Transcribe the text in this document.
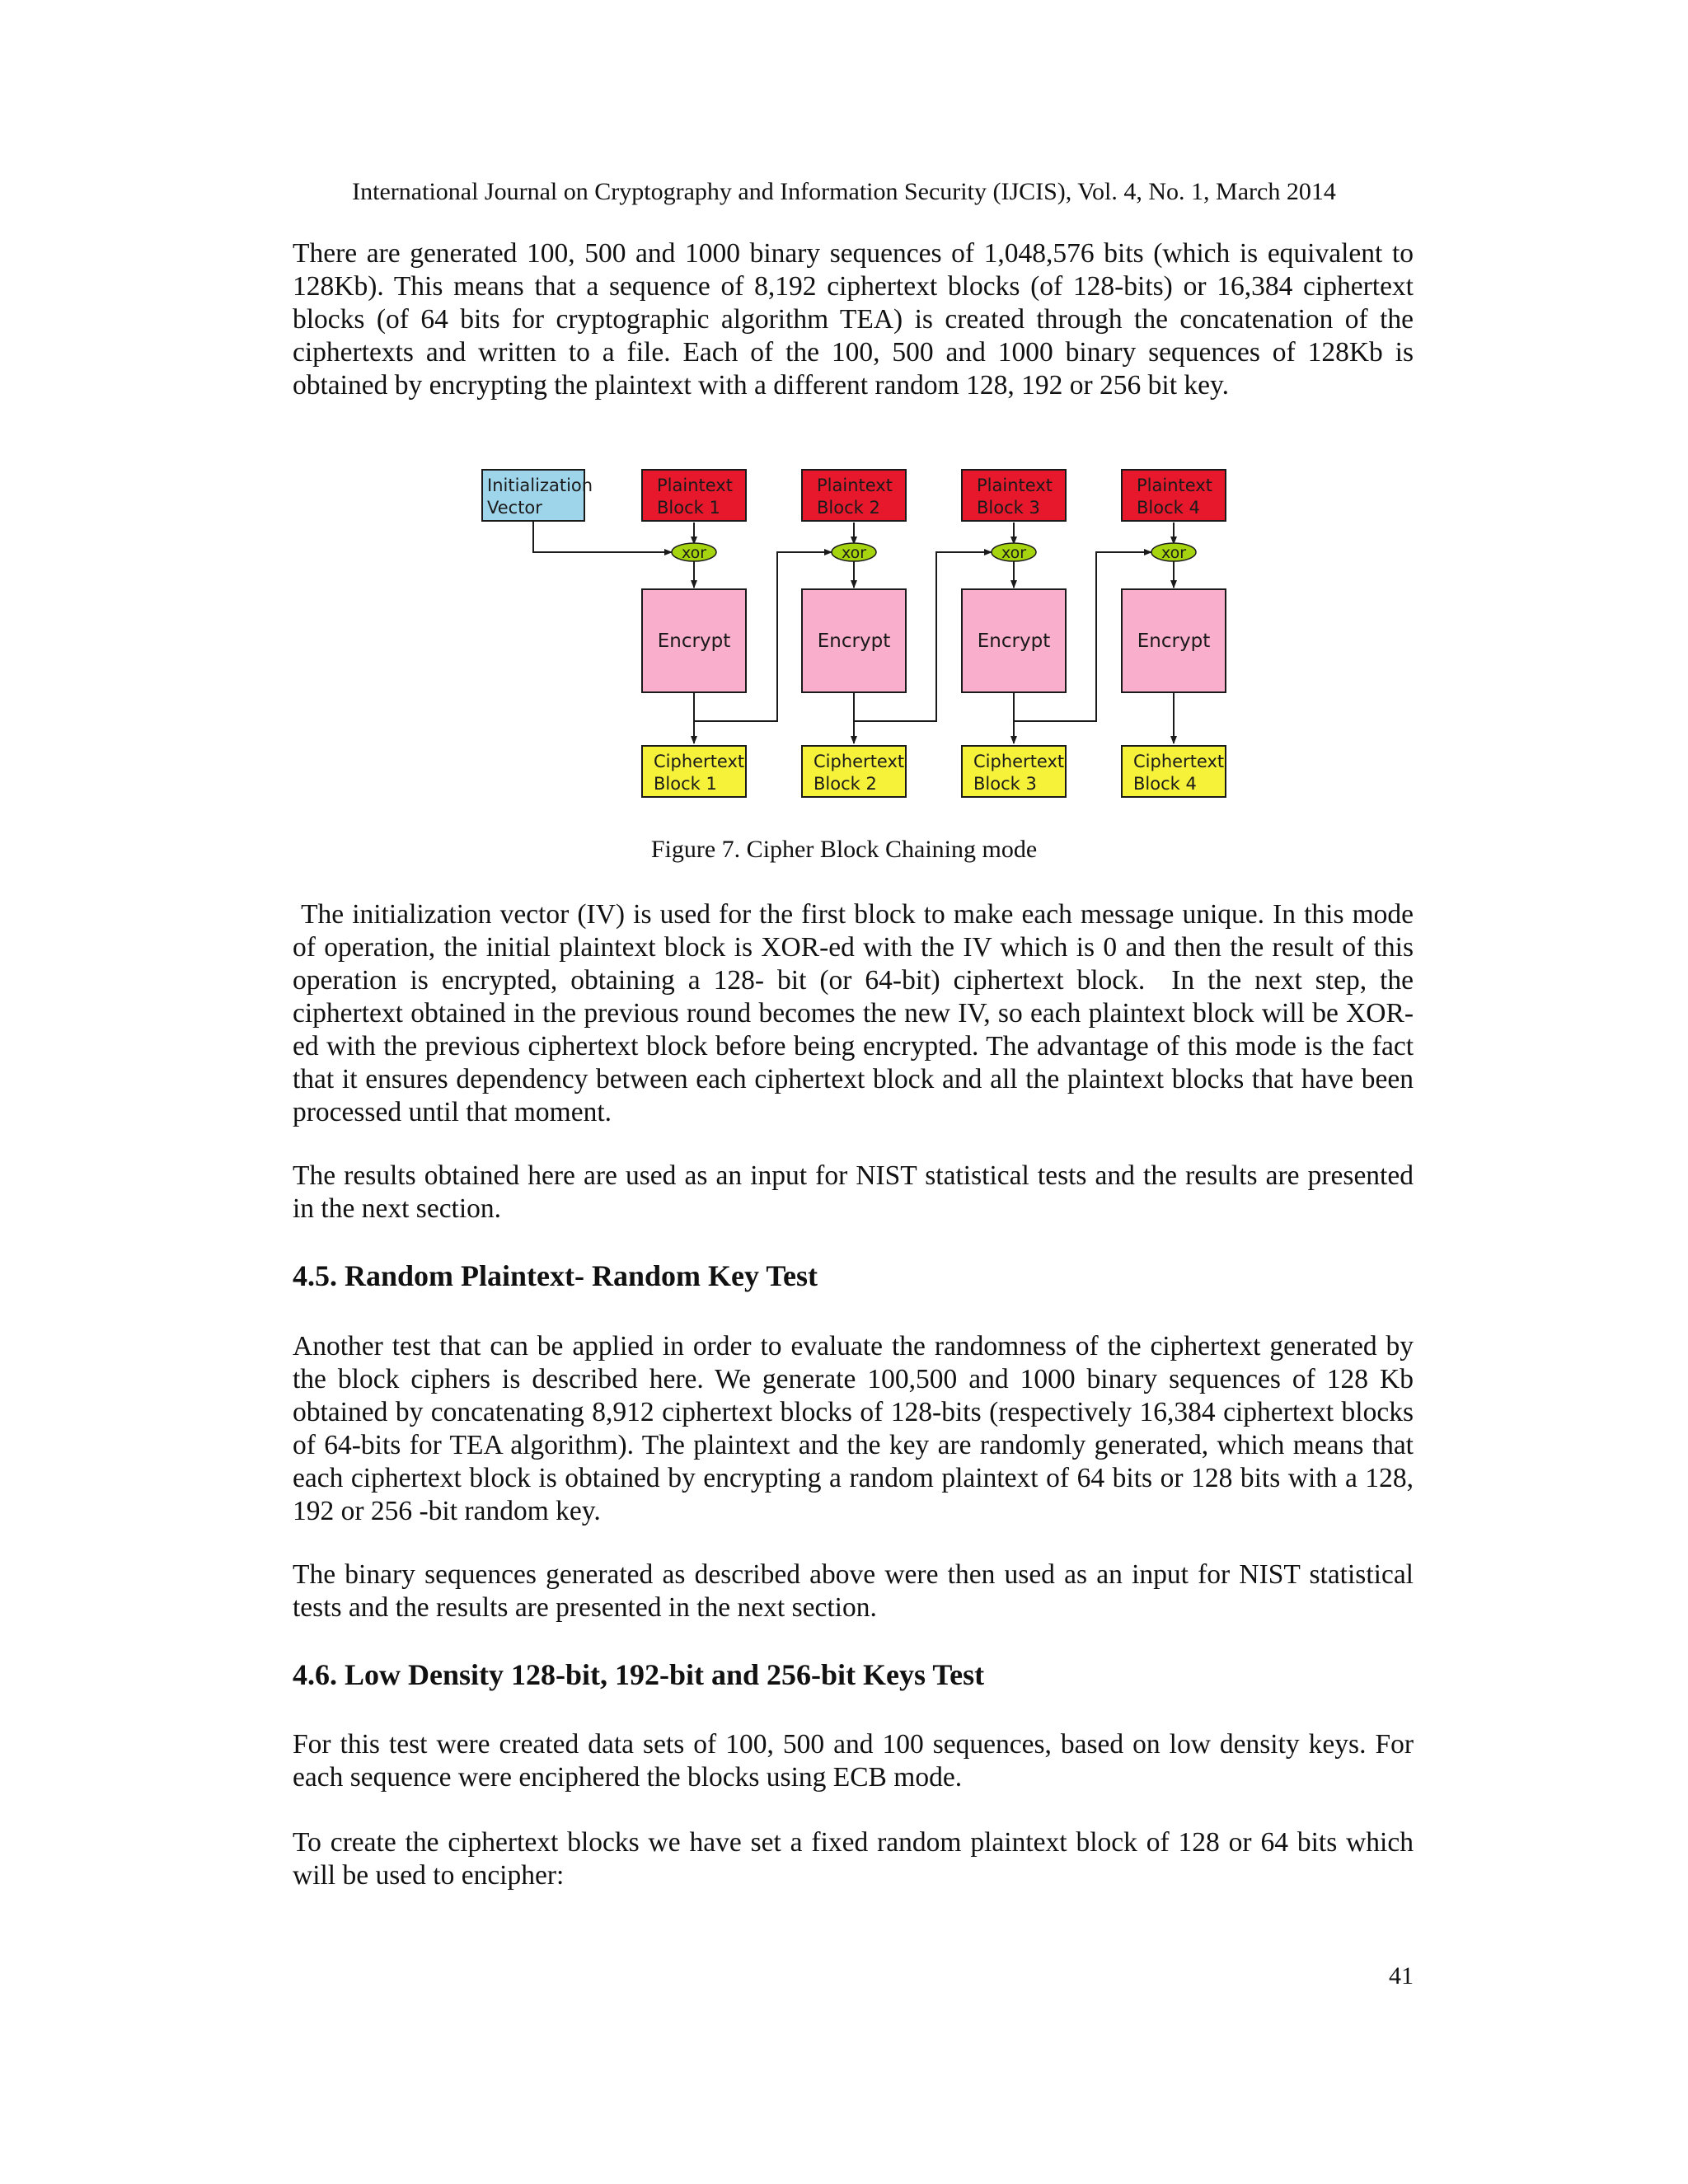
International Journal on Cryptography and Information Security (IJCIS), Vol. 4, No. 1, March 2014

There are generated 100, 500 and 1000 binary sequences of 1,048,576 bits (which is equivalent to 128Kb). This means that a sequence of 8,192 ciphertext blocks (of 128-bits) or 16,384 ciphertext blocks (of 64 bits for cryptographic algorithm TEA) is created through the concatenation of the ciphertexts and written to a file. Each of the 100, 500 and 1000 binary sequences of 128Kb is obtained by encrypting the plaintext with a different random 128, 192 or 256 bit key.

Initialization
Vector
Plaintext
Block 1
Plaintext
Block 2
Plaintext
Block 3
Plaintext
Block 4
xor	xor	xor	xor
Encrypt	Encrypt	Encrypt	Encrypt
Ciphertext
Block 1
Ciphertext
Block 2
Ciphertext
Block 3
Ciphertext
Block 4
Figure 7. Cipher Block Chaining mode

The initialization vector (IV) is used for the first block to make each message unique. In this mode of operation, the initial plaintext block is XOR-ed with the IV which is 0 and then the result of this operation is encrypted, obtaining a 128- bit (or 64-bit) ciphertext block.  In the next step, the ciphertext obtained in the previous round becomes the new IV, so each plaintext block will be XOR-ed with the previous ciphertext block before being encrypted. The advantage of this mode is the fact that it ensures dependency between each ciphertext block and all the plaintext blocks that have been processed until that moment.

The results obtained here are used as an input for NIST statistical tests and the results are presented in the next section.

4.5. Random Plaintext- Random Key Test

Another test that can be applied in order to evaluate the randomness of the ciphertext generated by the block ciphers is described here. We generate 100,500 and 1000 binary sequences of 128 Kb obtained by concatenating 8,912 ciphertext blocks of 128-bits (respectively 16,384 ciphertext blocks of 64-bits for TEA algorithm). The plaintext and the key are randomly generated, which means that each ciphertext block is obtained by encrypting a random plaintext of 64 bits or 128 bits with a 128, 192 or 256 -bit random key.

The binary sequences generated as described above were then used as an input for NIST statistical tests and the results are presented in the next section.

4.6. Low Density 128-bit, 192-bit and 256-bit Keys Test

For this test were created data sets of 100, 500 and 100 sequences, based on low density keys. For each sequence were enciphered the blocks using ECB mode.

To create the ciphertext blocks we have set a fixed random plaintext block of 128 or 64 bits which will be used to encipher:

41
